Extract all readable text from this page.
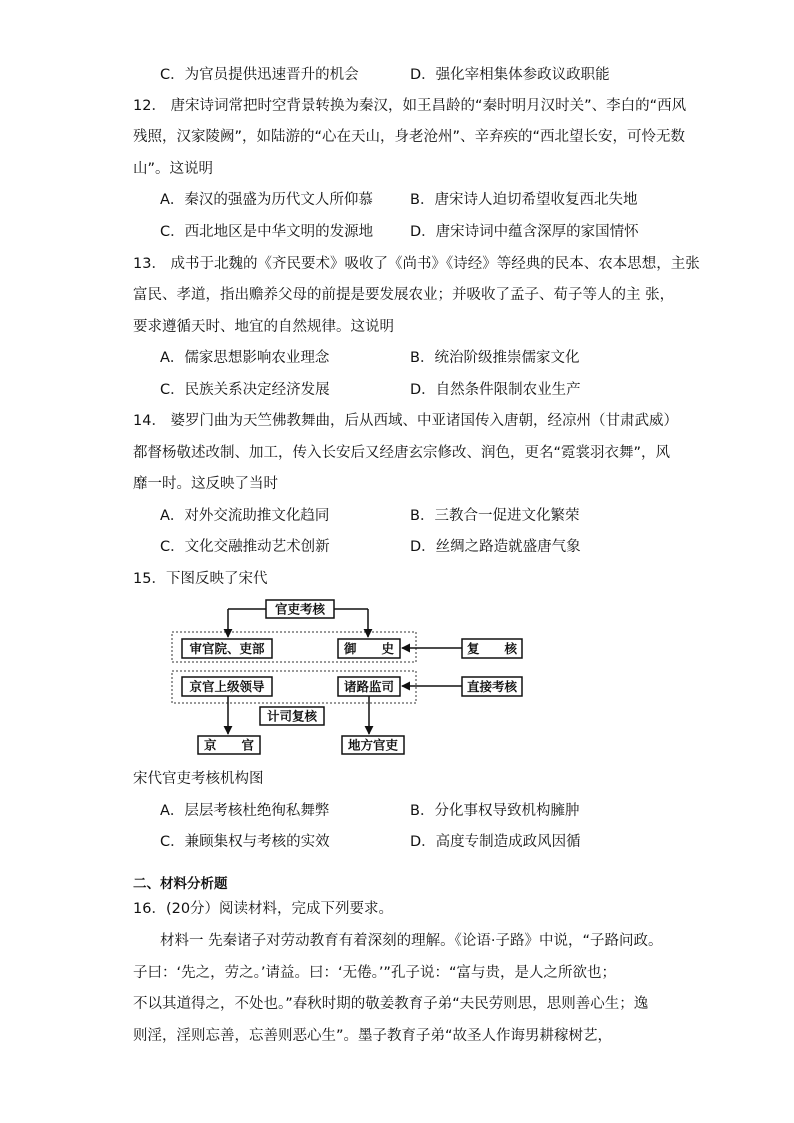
C．为官员提供迅速晋升的机会	D．强化宰相集体参政议政职能
12． 唐宋诗词常把时空背景转换为秦汉，如王昌龄的“秦时明月汉时关”、李白的“西风
残照，汉家陵阙”，如陆游的“心在天山，身老沧州”、辛弃疾的“西北望长安，可怜无数
山”。这说明
A．秦汉的强盛为历代文人所仰慕	B．唐宋诗人迫切希望收复西北失地
C．西北地区是中华文明的发源地	D．唐宋诗词中蕴含深厚的家国情怀
13． 成书于北魏的《齐民要术》吸收了《尚书》《诗经》等经典的民本、农本思想，主张
富民、孝道，指出赡养父母的前提是要发展农业；并吸收了孟子、荀子等人的主 张，
要求遵循天时、地宜的自然规律。这说明
A．儒家思想影响农业理念	B．统治阶级推崇儒家文化
C．民族关系决定经济发展	D．自然条件限制农业生产
14． 婆罗门曲为天竺佛教舞曲，后从西域、中亚诸国传入唐朝，经凉州（甘肃武威）
都督杨敬述改制、加工，传入长安后又经唐玄宗修改、润色，更名“霓裳羽衣舞”，风
靡一时。这反映了当时
A．对外交流助推文化趋同	B．三教合一促进文化繁荣
C．文化交融推动艺术创新	D．丝绸之路造就盛唐气象
15．下图反映了宋代
官吏考核
审官院、吏部	御　　史	复　　核
京官上级领导	诸路监司	直接考核
计司复核
京　　官	地方官吏
宋代官吏考核机构图
A．层层考核杜绝徇私舞弊	B．分化事权导致机构臃肿
C．兼顾集权与考核的实效	D．高度专制造成政风因循
二、材料分析题
16．(20分）阅读材料，完成下列要求。
材料一 先秦诸子对劳动教育有着深刻的理解。《论语·子路》中说，“子路问政。
子曰：‘先之，劳之。’请益。曰：‘无倦。’”孔子说：“富与贵，是人之所欲也；
不以其道得之，不处也。”春秋时期的敬姜教育子弟“夫民劳则思，思则善心生；逸
则淫，淫则忘善，忘善则恶心生”。墨子教育子弟“故圣人作诲男耕稼树艺，
